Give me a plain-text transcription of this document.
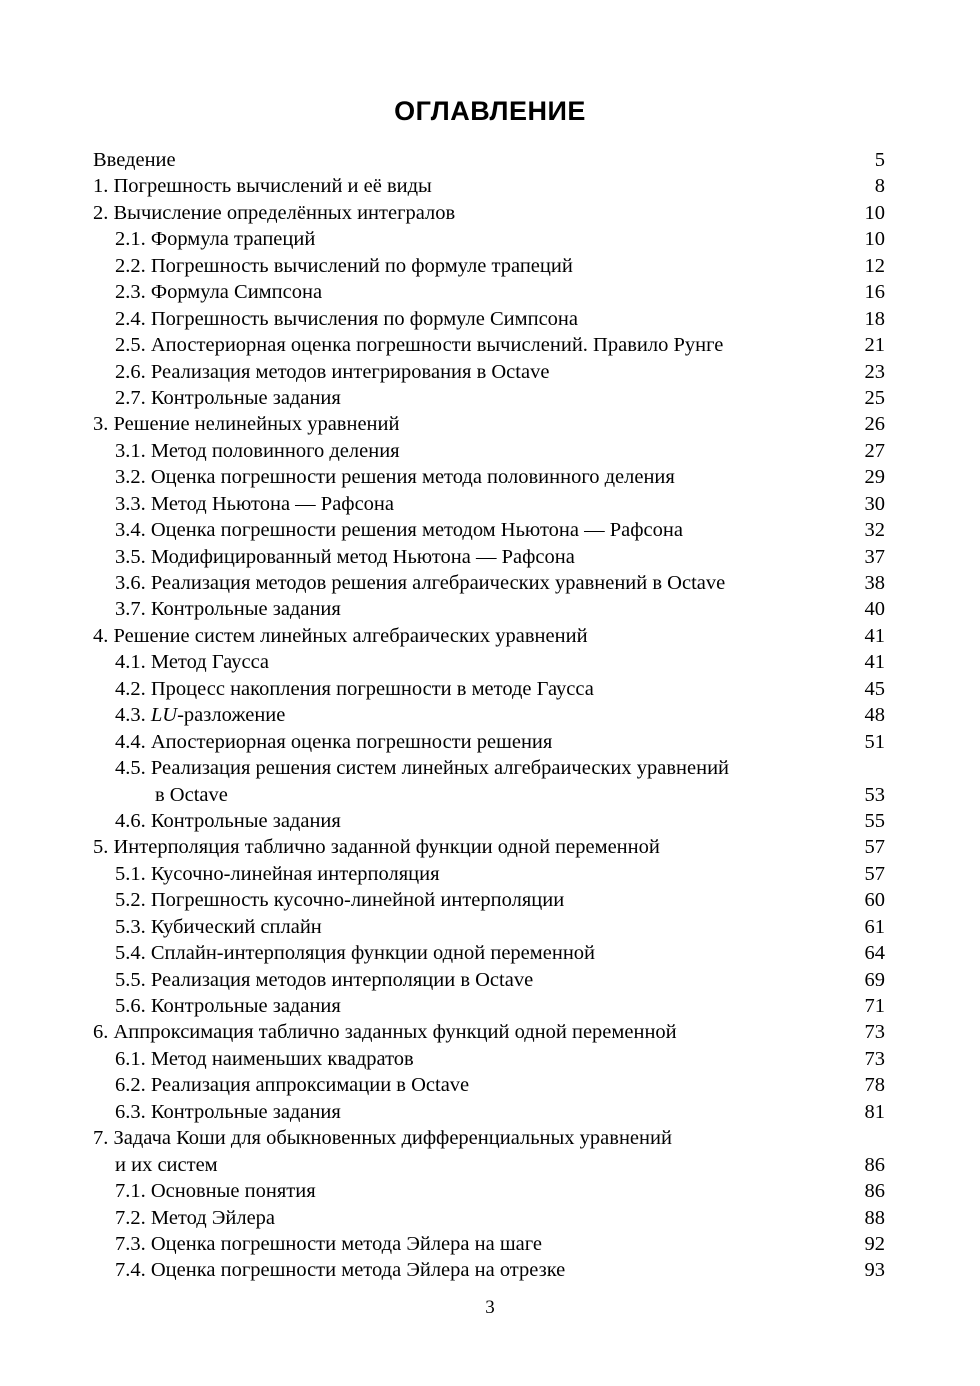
ОГЛАВЛЕНИЕ
Введение	5
1. Погрешность вычислений и её виды	8
2. Вычисление определённых интегралов	10
2.1. Формула трапеций	10
2.2. Погрешность вычислений по формуле трапеций	12
2.3. Формула Симпсона	16
2.4. Погрешность вычисления по формуле Симпсона	18
2.5. Апостериорная оценка погрешности вычислений. Правило Рунге	21
2.6. Реализация методов интегрирования в Octave	23
2.7. Контрольные задания	25
3. Решение нелинейных уравнений	26
3.1. Метод половинного деления	27
3.2. Оценка погрешности решения метода половинного деления	29
3.3. Метод Ньютона — Рафсона	30
3.4. Оценка погрешности решения методом Ньютона — Рафсона	32
3.5. Модифицированный метод Ньютона — Рафсона	37
3.6. Реализация методов решения алгебраических уравнений в Octave	38
3.7. Контрольные задания	40
4. Решение систем линейных алгебраических уравнений	41
4.1. Метод Гаусса	41
4.2. Процесс накопления погрешности в методе Гаусса	45
4.3. LU-разложение	48
4.4. Апостериорная оценка погрешности решения	51
4.5. Реализация решения систем линейных алгебраических уравнений
в Octave	53
4.6. Контрольные задания	55
5. Интерполяция таблично заданной функции одной переменной	57
5.1. Кусочно-линейная интерполяция	57
5.2. Погрешность кусочно-линейной интерполяции	60
5.3. Кубический сплайн	61
5.4. Сплайн-интерполяция функции одной переменной	64
5.5. Реализация методов интерполяции в Octave	69
5.6. Контрольные задания	71
6. Аппроксимация таблично заданных функций одной переменной	73
6.1. Метод наименьших квадратов	73
6.2. Реализация аппроксимации в Octave	78
6.3. Контрольные задания	81
7. Задача Коши для обыкновенных дифференциальных уравнений
и их систем	86
7.1. Основные понятия	86
7.2. Метод Эйлера	88
7.3. Оценка погрешности метода Эйлера на шаге	92
7.4. Оценка погрешности метода Эйлера на отрезке	93
3
